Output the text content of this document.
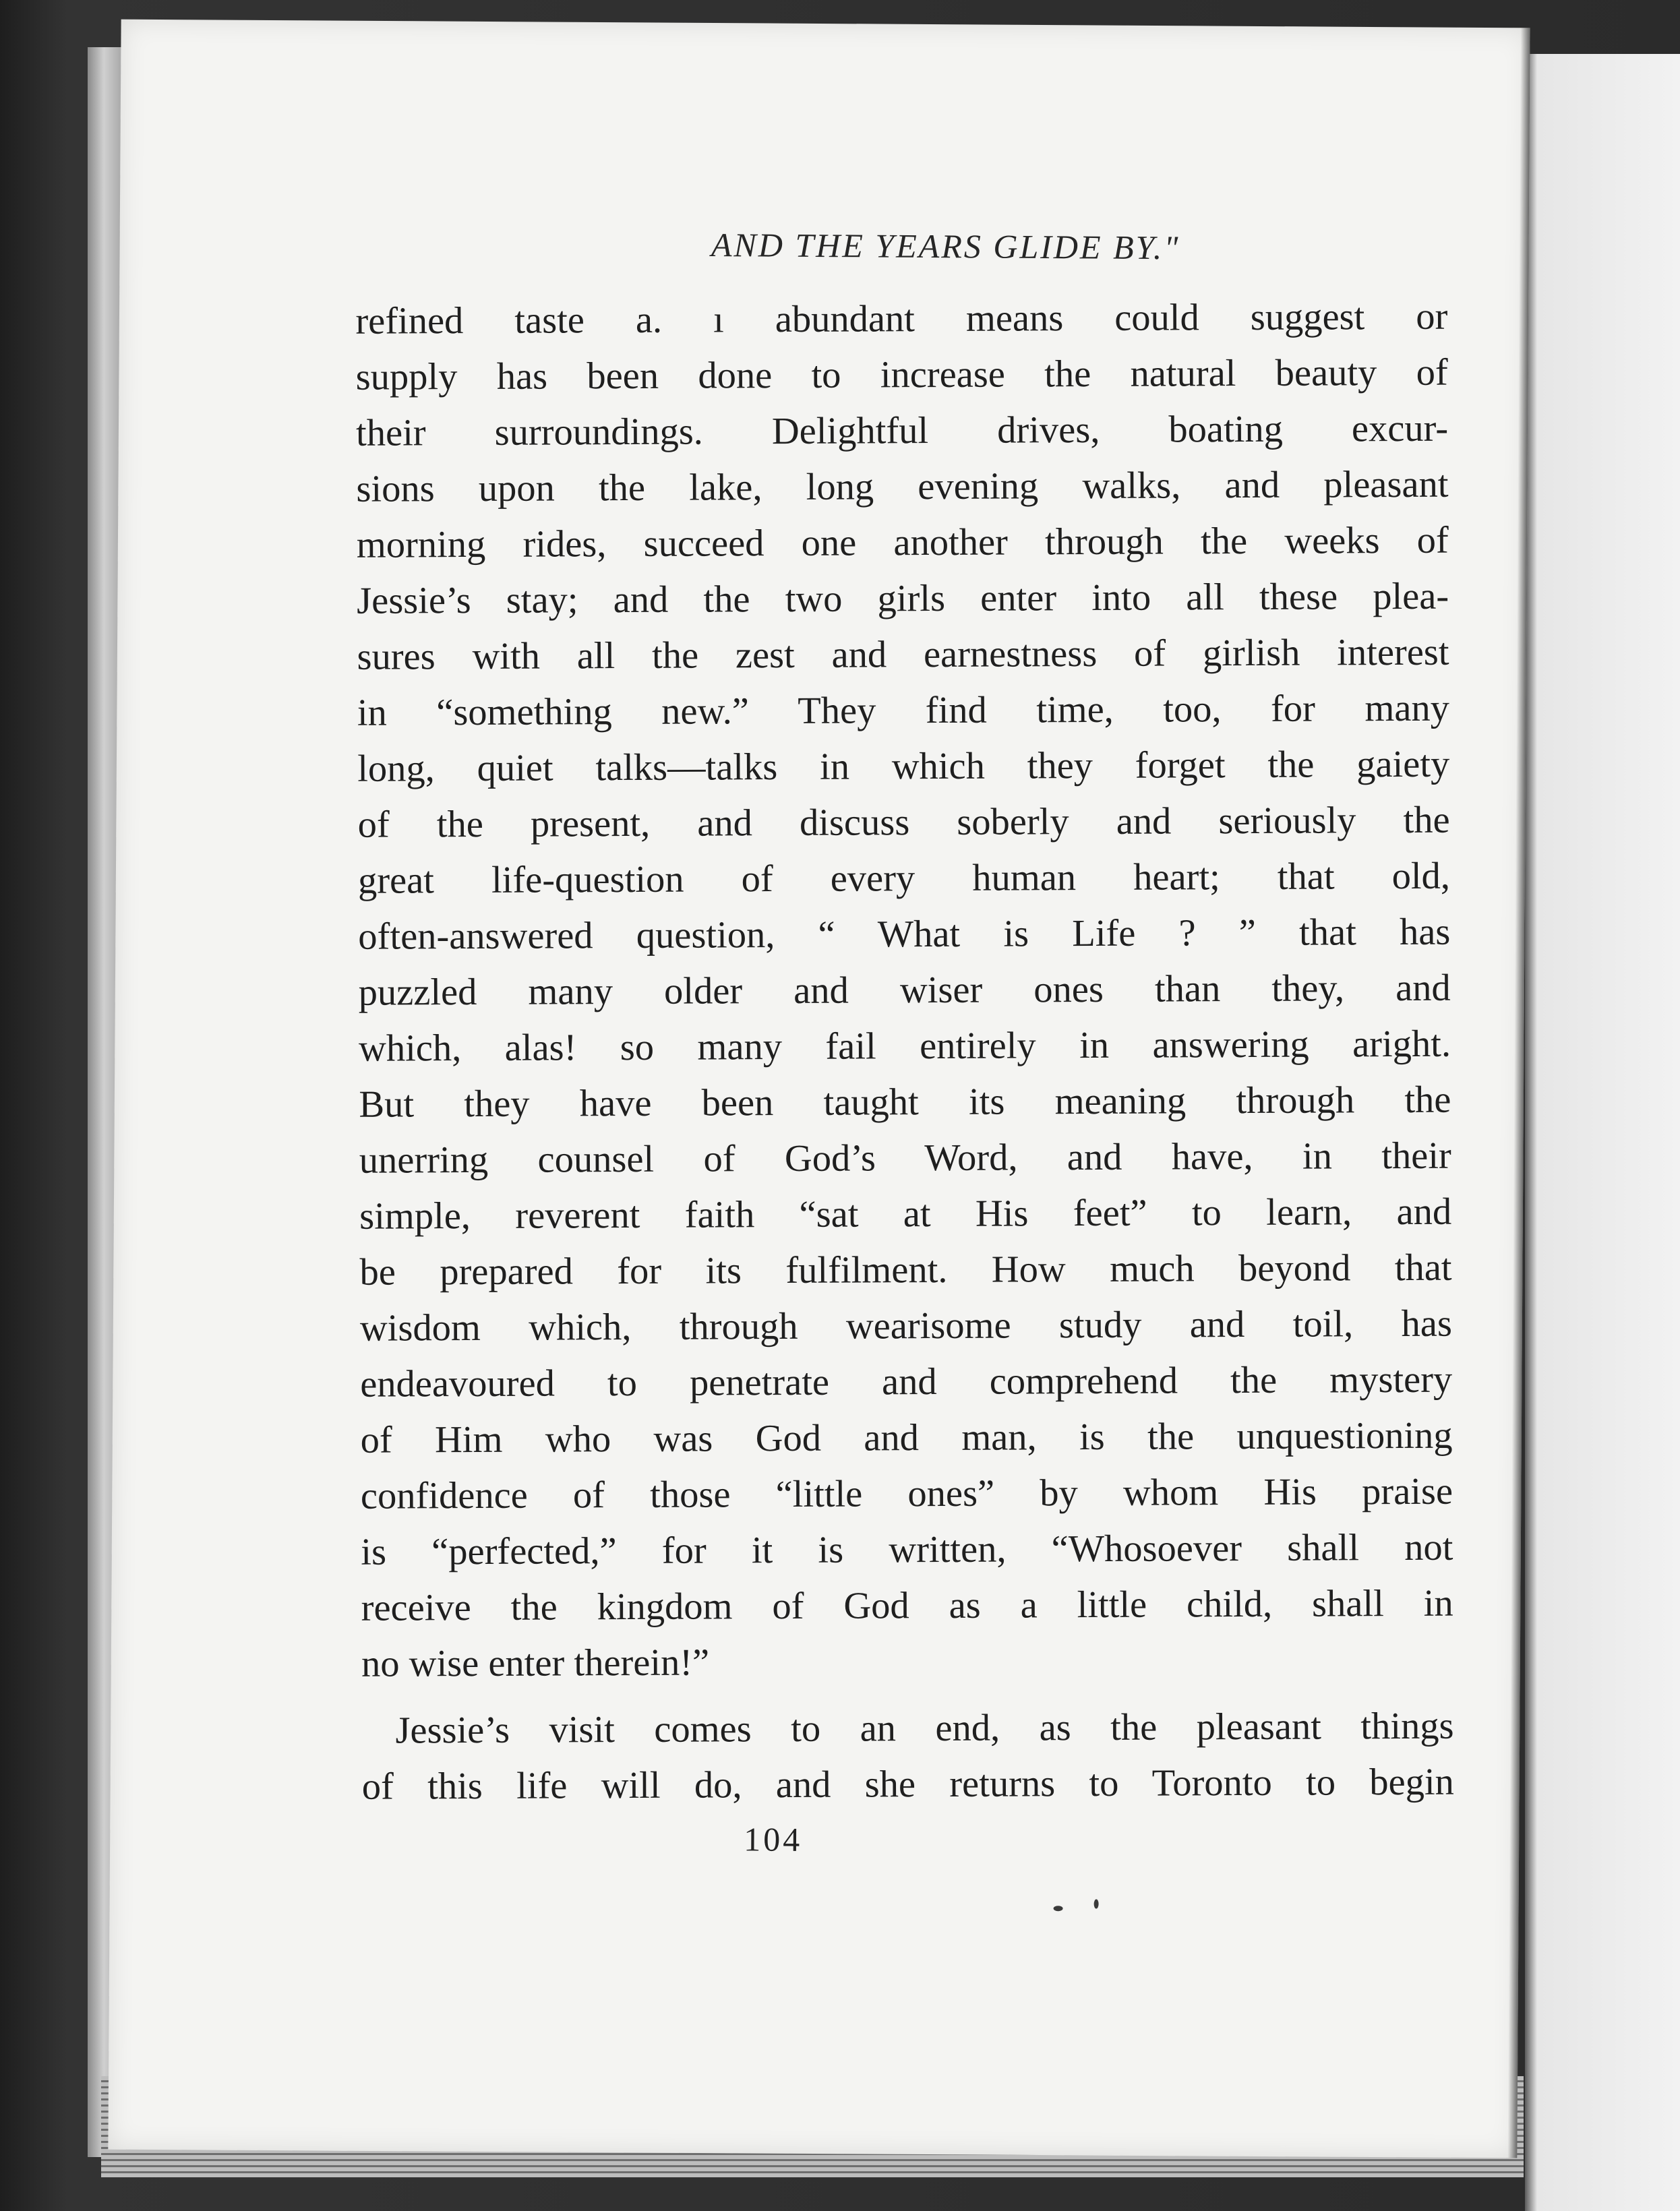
AND THE YEARS GLIDE BY."
refined taste a. ı abundant means could suggest or
supply has been done to increase the natural beauty of
their surroundings. Delightful drives, boating excur-
sions upon the lake, long evening walks, and pleasant
morning rides, succeed one another through the weeks of
Jessie’s stay; and the two girls enter into all these plea-
sures with all the zest and earnestness of girlish interest
in “something new.” They find time, too, for many
long, quiet talks—talks in which they forget the gaiety
of the present, and discuss soberly and seriously the
great life-question of every human heart; that old,
often-answered question, “ What is Life ? ” that has
puzzled many older and wiser ones than they, and
which, alas! so many fail entirely in answering aright.
But they have been taught its meaning through the
unerring counsel of God’s Word, and have, in their
simple, reverent faith “sat at His feet” to learn, and
be prepared for its fulfilment. How much beyond that
wisdom which, through wearisome study and toil, has
endeavoured to penetrate and comprehend the mystery
of Him who was God and man, is the unquestioning
confidence of those “little ones” by whom His praise
is “perfected,” for it is written, “Whosoever shall not
receive the kingdom of God as a little child, shall in
no wise enter therein!”
Jessie’s visit comes to an end, as the pleasant things
of this life will do, and she returns to Toronto to begin
104
